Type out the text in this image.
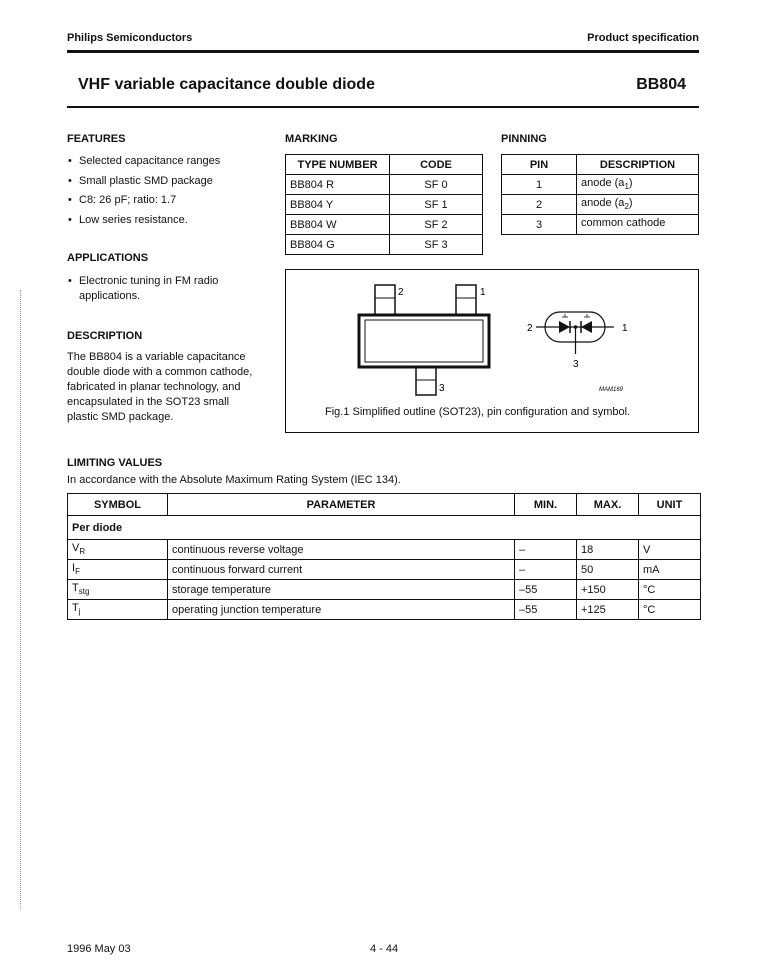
Philips Semiconductors	Product specification
VHF variable capacitance double diode	BB804
FEATURES
• Selected capacitance ranges
• Small plastic SMD package
• C8: 26 pF; ratio: 1.7
• Low series resistance.
APPLICATIONS
• Electronic tuning in FM radio applications.
DESCRIPTION
The BB804 is a variable capacitance
double diode with a common cathode,
fabricated in planar technology, and
encapsulated in the SOT23 small
plastic SMD package.
MARKING
TYPE NUMBER	CODE
BB804 R	SF 0
BB804 Y	SF 1
BB804 W	SF 2
BB804 G	SF 3
PINNING
PIN	DESCRIPTION
1	anode $(a_1)$
2	anode $(a_2)$
3	common cathode
2	1
3
2	1
3
MAM169
Fig.1 Simplified outline (SOT23), pin configuration and symbol.
LIMITING VALUES
In accordance with the Absolute Maximum Rating System (IEC 134).
SYMBOL	PARAMETER	MIN.	MAX.	UNIT
Per diode				
$V_R$	continuous reverse voltage	–	18	V
$I_F$	continuous forward current	–	50	mA
$T_{stg}$	storage temperature	–55	+150	°C
$T_j$	operating junction temperature	–55	+125	°C
1996 May 03	4 - 44
